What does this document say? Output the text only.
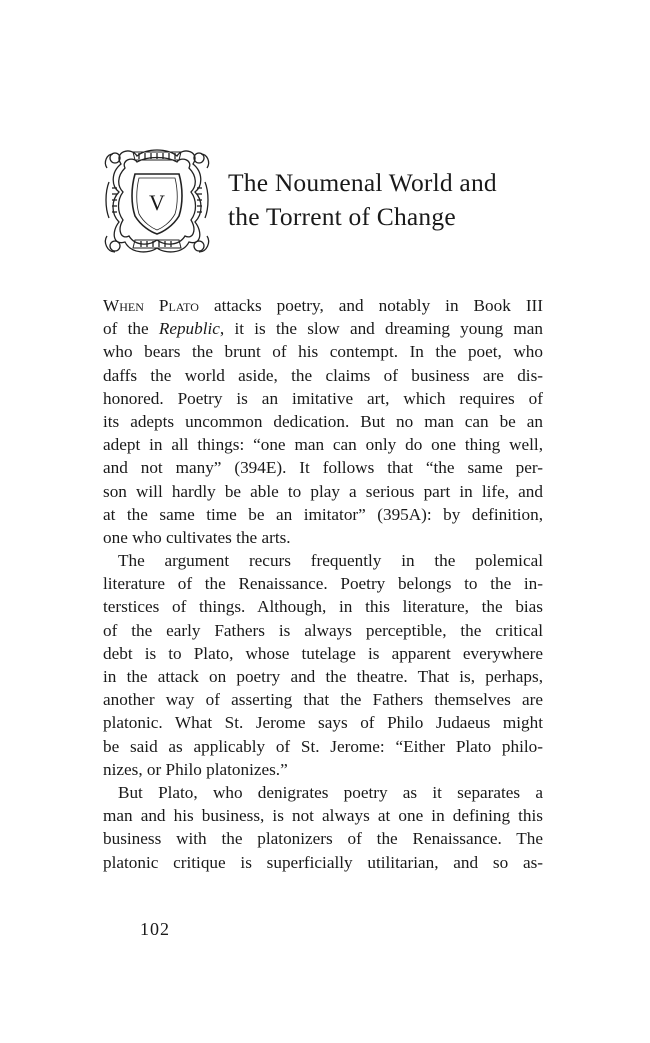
V
The Noumenal World and
the Torrent of Change
When Plato attacks poetry, and notably in Book III
of the Republic, it is the slow and dreaming young man
who bears the brunt of his contempt. In the poet, who
daffs the world aside, the claims of business are dis-
honored. Poetry is an imitative art, which requires of
its adepts uncommon dedication. But no man can be an
adept in all things: “one man can only do one thing well,
and not many” (394E). It follows that “the same per-
son will hardly be able to play a serious part in life, and
at the same time be an imitator” (395A): by definition,
one who cultivates the arts.
The argument recurs frequently in the polemical
literature of the Renaissance. Poetry belongs to the in-
terstices of things. Although, in this literature, the bias
of the early Fathers is always perceptible, the critical
debt is to Plato, whose tutelage is apparent everywhere
in the attack on poetry and the theatre. That is, perhaps,
another way of asserting that the Fathers themselves are
platonic. What St. Jerome says of Philo Judaeus might
be said as applicably of St. Jerome: “Either Plato philo-
nizes, or Philo platonizes.”
But Plato, who denigrates poetry as it separates a
man and his business, is not always at one in defining this
business with the platonizers of the Renaissance. The
platonic critique is superficially utilitarian, and so as-
102
